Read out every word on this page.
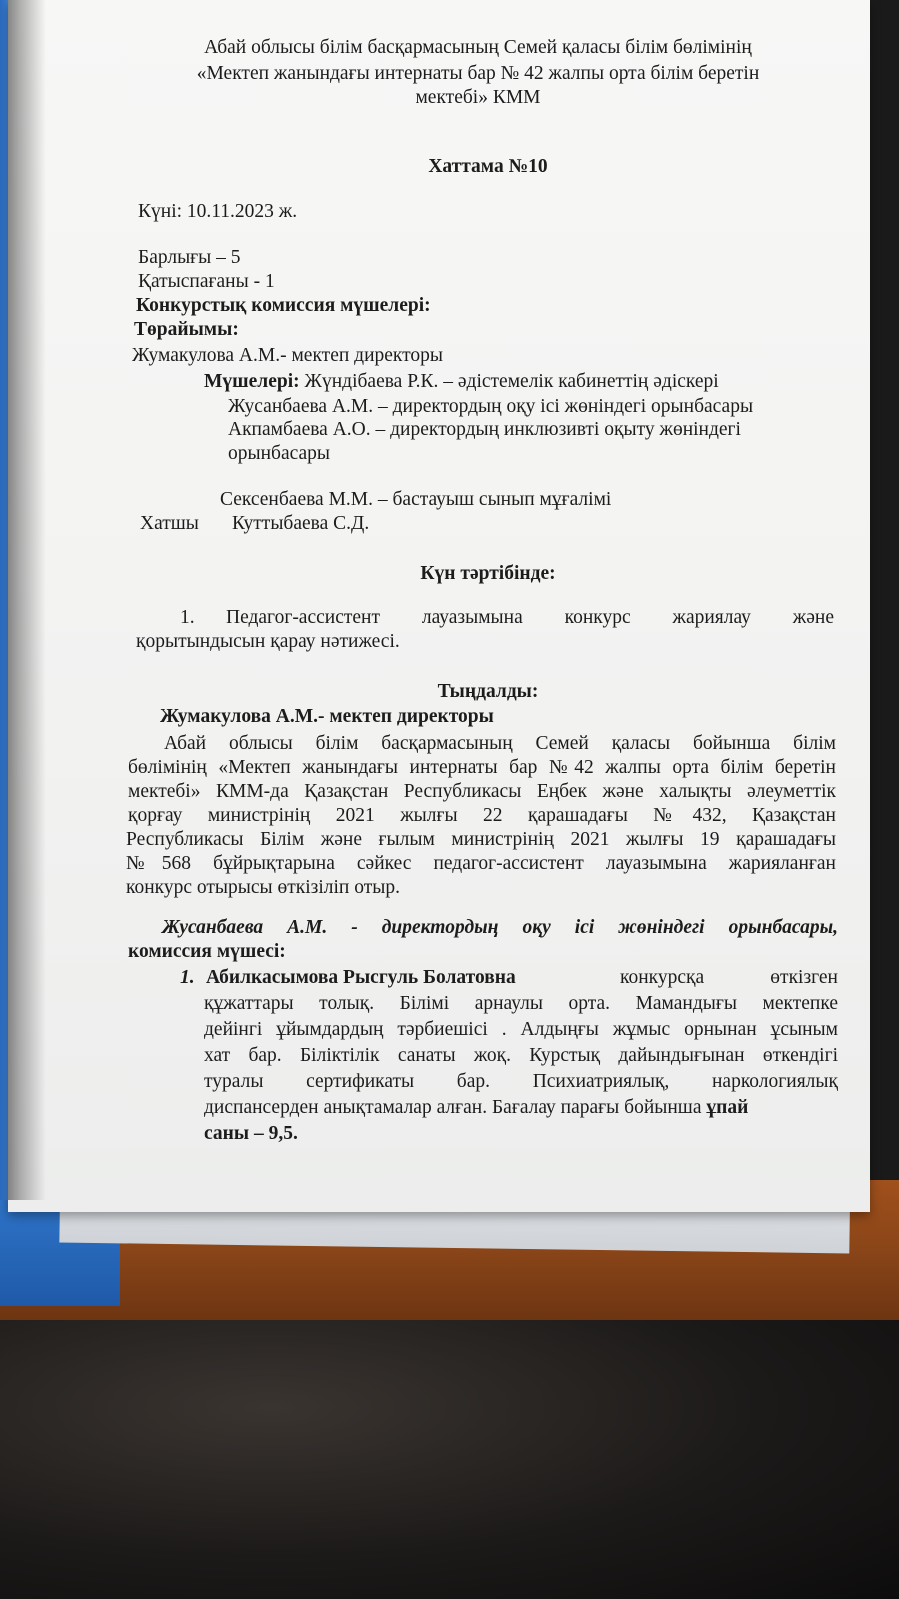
Абай облысы білім басқармасының Семей қаласы білім бөлімінің
«Мектеп жанындағы интернаты бар № 42 жалпы орта білім беретін
мектебі» КММ
Хаттама №10
Күні: 10.11.2023 ж.
Барлығы – 5
Қатыспағаны - 1
Конкурстық комиссия мүшелері:
Төрайымы:
Жумакулова А.М.- мектеп директоры
Мүшелері: Жүндібаева Р.К. – әдістемелік кабинеттің әдіскері
Жусанбаева А.М. – директордың оқу ісі жөніндегі орынбасары
Акпамбаева А.О. – директордың инклюзивті оқыту жөніндегі
орынбасары
Сексенбаева М.М. – бастауыш сынып мұғалімі
Хатшы Куттыбаева С.Д.
Күн тәртібінде:
1. Педагог-ассистент лауазымына конкурс жариялау және
қорытындысын қарау нәтижесі.
Тыңдалды:
Жумакулова А.М.- мектеп директоры
Абай облысы білім басқармасының Семей қаласы бойынша білім
бөлімінің «Мектеп жанындағы интернаты бар №42 жалпы орта білім беретін
мектебі» КММ-да Қазақстан Республикасы Еңбек және халықты әлеуметтік
қорғау министрінің 2021 жылғы 22 қарашадағы №432, Қазақстан
Республикасы Білім және ғылым министрінің 2021 жылғы 19 қарашадағы
№568 бұйрықтарына сәйкес педагог-ассистент лауазымына жарияланған
конкурс отырысы өткізіліп отыр.
Жусанбаева А.М. - директордың оқу ісі жөніндегі орынбасары,
комиссия мүшесі:
1. Абилкасымова Рысгуль Болатовна	конкурсқа өткізген
құжаттары толық. Білімі арнаулы орта. Мамандығы мектепке
дейінгі ұйымдардың тәрбиешісі . Алдыңғы жұмыс орнынан ұсыным
хат бар. Біліктілік санаты жоқ. Курстық дайындығынан өткендігі
туралы сертификаты бар. Психиатриялық, наркологиялық
диспансерден анықтамалар алған. Бағалау парағы бойынша ұпай
саны – 9,5.
